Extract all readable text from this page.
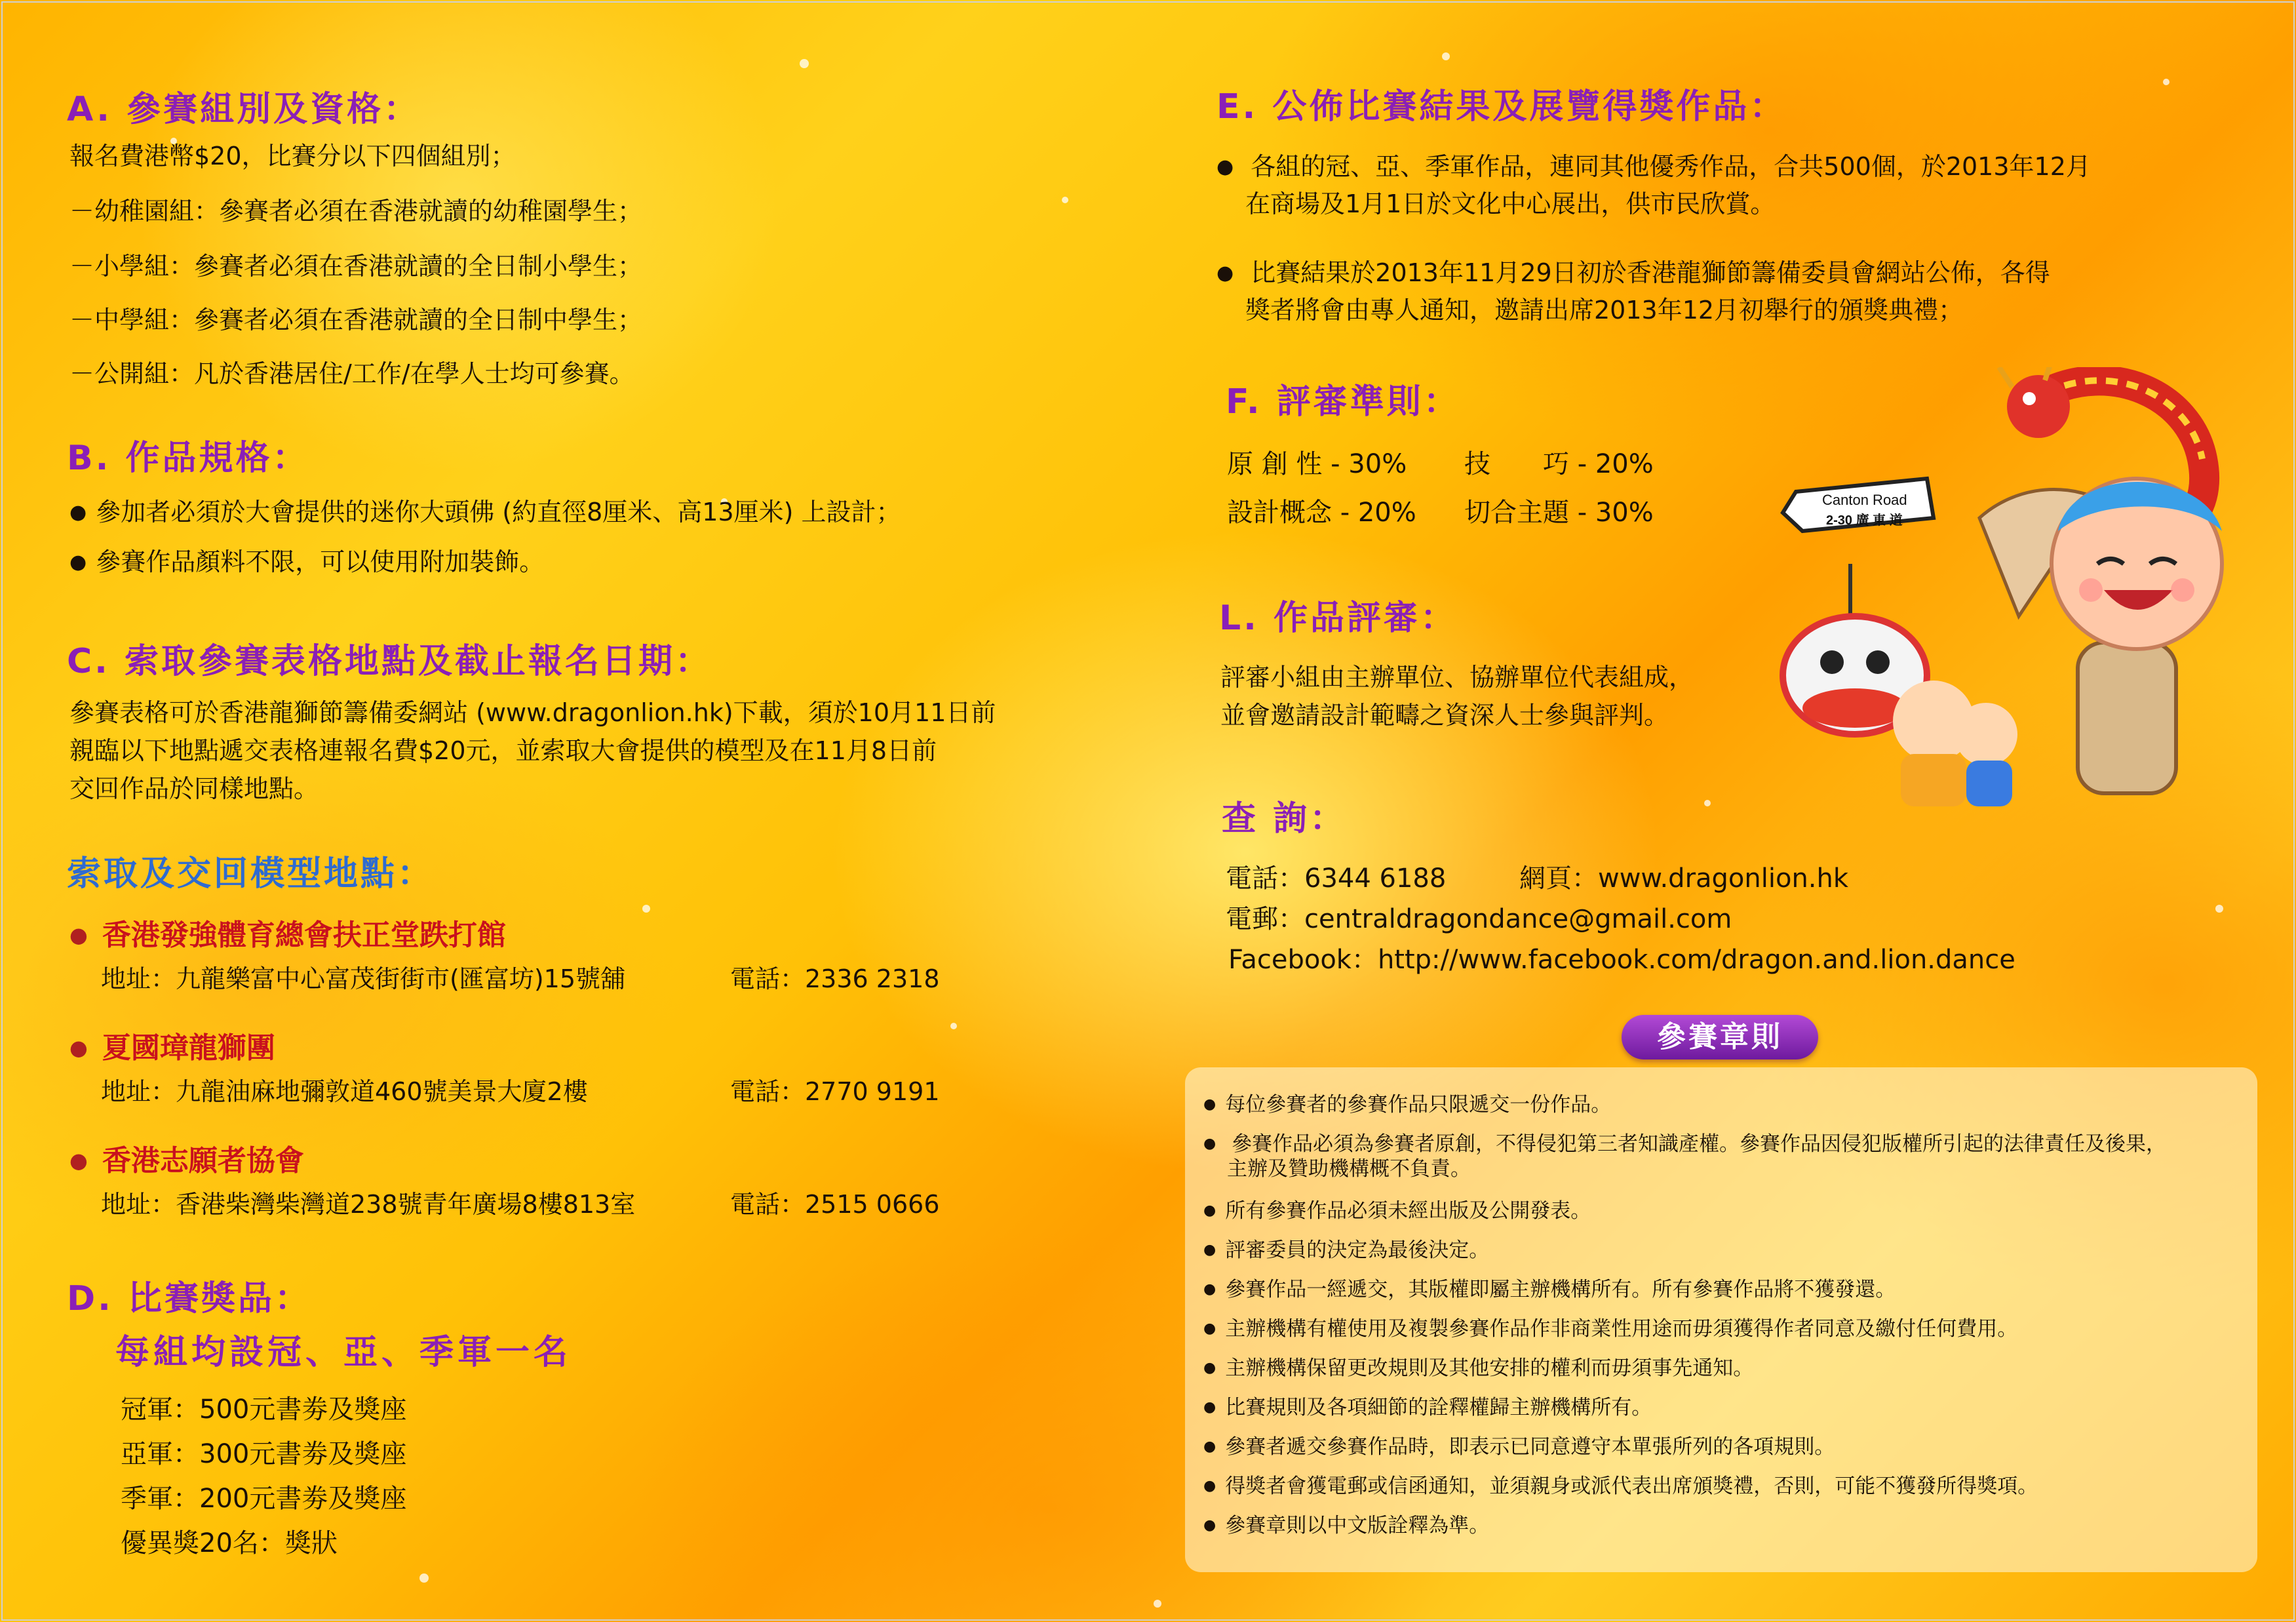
A. 參賽組別及資格：

報名費港幣$20，比賽分以下四個組別；

－幼稚園組：參賽者必須在香港就讀的幼稚園學生；

－小學組：參賽者必須在香港就讀的全日制小學生；

－中學組：參賽者必須在香港就讀的全日制中學生；

－公開組：凡於香港居住/工作/在學人士均可參賽。

B. 作品規格：
● 參加者必須於大會提供的迷你大頭佛 (約直徑8厘米、高13厘米) 上設計；
● 參賽作品顏料不限，可以使用附加裝飾。
C. 索取參賽表格地點及截止報名日期：

參賽表格可於香港龍獅節籌備委網站 (www.dragonlion.hk)下載，須於10月11日前

親臨以下地點遞交表格連報名費$20元，並索取大會提供的模型及在11月8日前

交回作品於同樣地點。

索取及交回模型地點：
● 香港發強體育總會扶正堂跌打館
地址：九龍樂富中心富茂街街市(匯富坊)15號舖	電話：2336 2318
● 夏國璋龍獅團
地址：九龍油麻地彌敦道460號美景大廈2樓	電話：2770 9191
● 香港志願者協會
地址：香港柴灣柴灣道238號青年廣場8樓813室	電話：2515 0666
D. 比賽獎品：
每組均設冠、亞、季軍一名
冠軍：500元書劵及獎座
亞軍：300元書劵及獎座
季軍：200元書劵及獎座
優異獎20名：獎狀
E. 公佈比賽結果及展覽得獎作品：
● 各組的冠、亞、季軍作品，連同其他優秀作品，合共500個，於2013年12月
在商場及1月1日於文化中心展出，供市民欣賞。
● 比賽結果於2013年11月29日初於香港龍獅節籌備委員會網站公佈，各得
獎者將會由專人通知，邀請出席2013年12月初舉行的頒獎典禮；
F. 評審準則：
原 創 性 - 30% 技　　巧 - 20%
設計概念 - 20% 切合主題 - 30%
L. 作品評審：

評審小組由主辦單位、協辦單位代表組成，

並會邀請設計範疇之資深人士參與評判。

查 詢：
電話：6344 6188	網頁：www.dragonlion.hk
電郵：centraldragondance@gmail.com
Facebook：http://www.facebook.com/dragon.and.lion.dance
Canton Road
2-30 廣 東 道
參賽章則
● 每位參賽者的參賽作品只限遞交一份作品。
● 參賽作品必須為參賽者原創，不得侵犯第三者知識產權。參賽作品因侵犯版權所引起的法律責任及後果，
主辦及贊助機構概不負責。
● 所有參賽作品必須未經出版及公開發表。
● 評審委員的決定為最後決定。
● 參賽作品一經遞交，其版權即屬主辦機構所有。所有參賽作品將不獲發還。
● 主辦機構有權使用及複製參賽作品作非商業性用途而毋須獲得作者同意及繳付任何費用。
● 主辦機構保留更改規則及其他安排的權利而毋須事先通知。
● 比賽規則及各項細節的詮釋權歸主辦機構所有。
● 參賽者遞交參賽作品時，即表示已同意遵守本單張所列的各項規則。
● 得獎者會獲電郵或信函通知，並須親身或派代表出席頒獎禮，否則，可能不獲發所得獎項。
● 參賽章則以中文版詮釋為準。
